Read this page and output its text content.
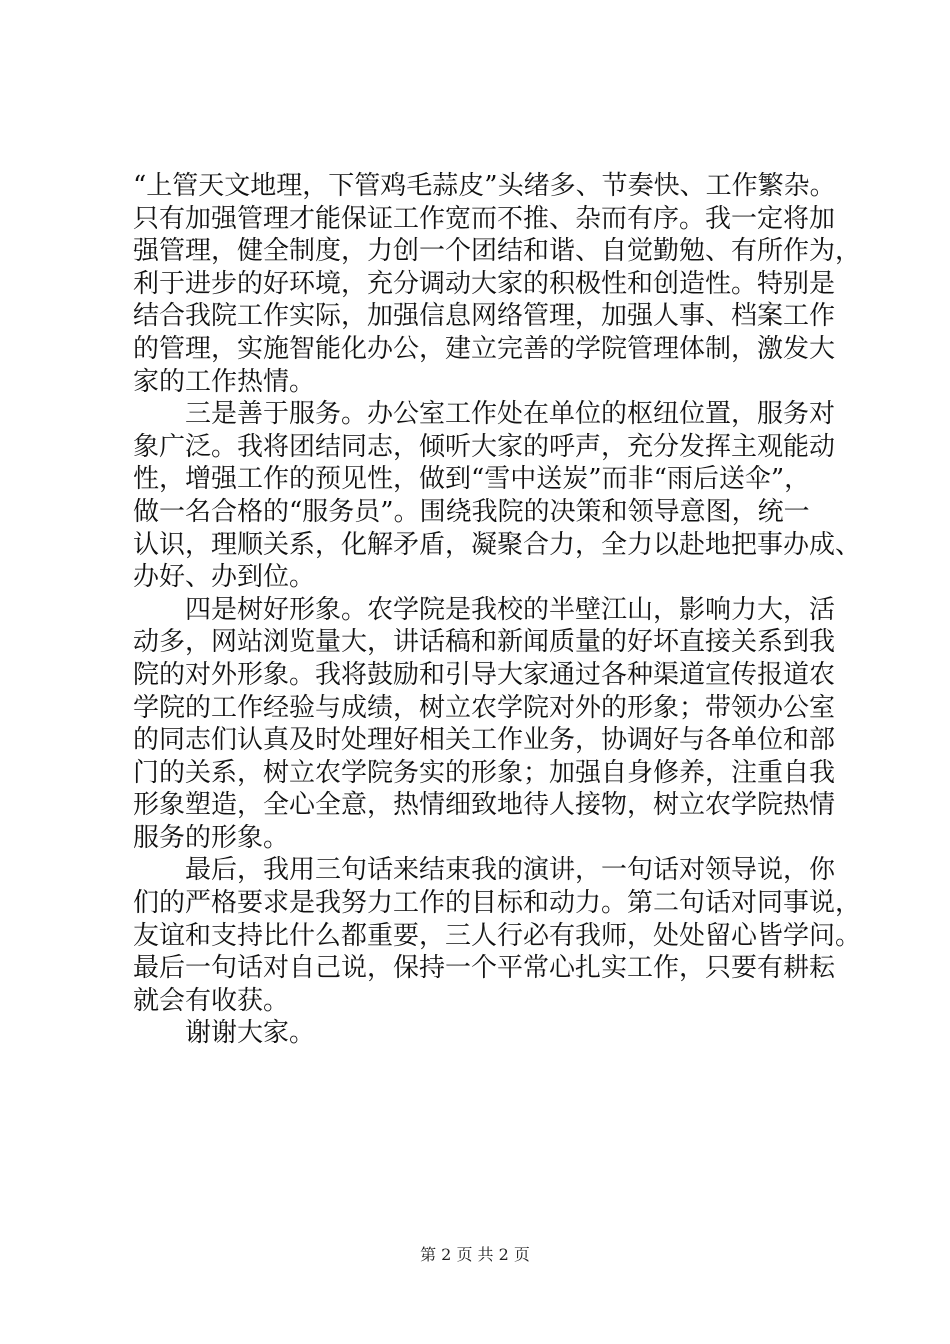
“上管天文地理，下管鸡毛蒜皮”头绪多、节奏快、工作繁杂。
只有加强管理才能保证工作宽而不推、杂而有序。我一定将加
强管理，健全制度，力创一个团结和谐、自觉勤勉、有所作为，
利于进步的好环境，充分调动大家的积极性和创造性。特别是
结合我院工作实际，加强信息网络管理，加强人事、档案工作
的管理，实施智能化办公，建立完善的学院管理体制，激发大
家的工作热情。
三是善于服务。办公室工作处在单位的枢纽位置，服务对
象广泛。我将团结同志，倾听大家的呼声，充分发挥主观能动
性，增强工作的预见性，做到“雪中送炭”而非“雨后送伞”，
做一名合格的“服务员”。围绕我院的决策和领导意图，统一
认识，理顺关系，化解矛盾，凝聚合力，全力以赴地把事办成、
办好、办到位。
四是树好形象。农学院是我校的半壁江山，影响力大，活
动多，网站浏览量大，讲话稿和新闻质量的好坏直接关系到我
院的对外形象。我将鼓励和引导大家通过各种渠道宣传报道农
学院的工作经验与成绩，树立农学院对外的形象；带领办公室
的同志们认真及时处理好相关工作业务，协调好与各单位和部
门的关系，树立农学院务实的形象；加强自身修养，注重自我
形象塑造，全心全意，热情细致地待人接物，树立农学院热情
服务的形象。
最后，我用三句话来结束我的演讲，一句话对领导说，你
们的严格要求是我努力工作的目标和动力。第二句话对同事说，
友谊和支持比什么都重要，三人行必有我师，处处留心皆学问。
最后一句话对自己说，保持一个平常心扎实工作，只要有耕耘
就会有收获。
谢谢大家。
第 2 页 共 2 页
